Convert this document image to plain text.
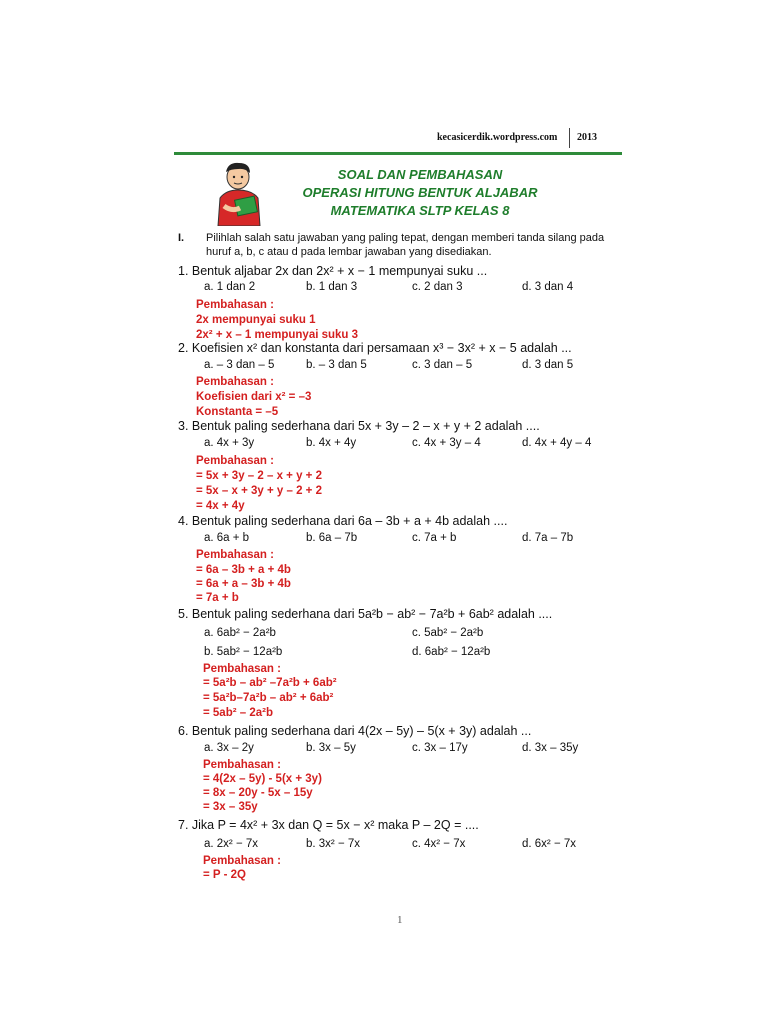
kecasicerdik.wordpress.com 2013
SOAL DAN PEMBAHASAN
OPERASI HITUNG BENTUK ALJABAR
MATEMATIKA SLTP KELAS 8
I. Pilihlah salah satu jawaban yang paling tepat, dengan memberi tanda silang pada
huruf a, b, c atau d pada lembar jawaban yang disediakan.
1. Bentuk aljabar 2x dan 2x² + x − 1 mempunyai suku ...
a. 1 dan 2	b. 1 dan 3	c. 2 dan 3	d. 3 dan 4
Pembahasan :
2x mempunyai suku 1
2x² + x – 1 mempunyai suku 3
2. Koefisien x² dan konstanta dari persamaan x³ − 3x² + x − 5 adalah ...
a. – 3 dan – 5	b. – 3 dan 5	c. 3 dan – 5	d. 3 dan 5
Pembahasan :
Koefisien dari x² = –3
Konstanta = –5
3. Bentuk paling sederhana dari 5x + 3y – 2 – x + y + 2 adalah ....
a. 4x + 3y	b. 4x + 4y	c. 4x + 3y – 4	d. 4x + 4y – 4
Pembahasan :
= 5x + 3y – 2 – x + y + 2
= 5x – x + 3y + y – 2 + 2
= 4x + 4y
4. Bentuk paling sederhana dari 6a – 3b + a + 4b adalah ....
a. 6a + b	b. 6a – 7b	c. 7a + b	d. 7a – 7b
Pembahasan :
= 6a – 3b + a + 4b
= 6a + a – 3b + 4b
= 7a + b
5. Bentuk paling sederhana dari 5a²b − ab² − 7a²b + 6ab² adalah ....
a. 6ab² − 2a²b	c. 5ab² − 2a²b
b. 5ab² − 12a²b	d. 6ab² − 12a²b
Pembahasan :
= 5a²b – ab² –7a²b + 6ab²
= 5a²b–7a²b – ab² + 6ab²
= 5ab² – 2a²b
6. Bentuk paling sederhana dari 4(2x – 5y) – 5(x + 3y) adalah ...
a. 3x – 2y	b. 3x – 5y	c. 3x – 17y	d. 3x – 35y
Pembahasan :
= 4(2x – 5y) - 5(x + 3y)
= 8x – 20y - 5x – 15y
= 3x – 35y
7. Jika P = 4x² + 3x dan Q = 5x − x² maka P – 2Q = ....
a. 2x² − 7x	b. 3x² − 7x	c. 4x² − 7x	d. 6x² − 7x
Pembahasan :
= P - 2Q
1
